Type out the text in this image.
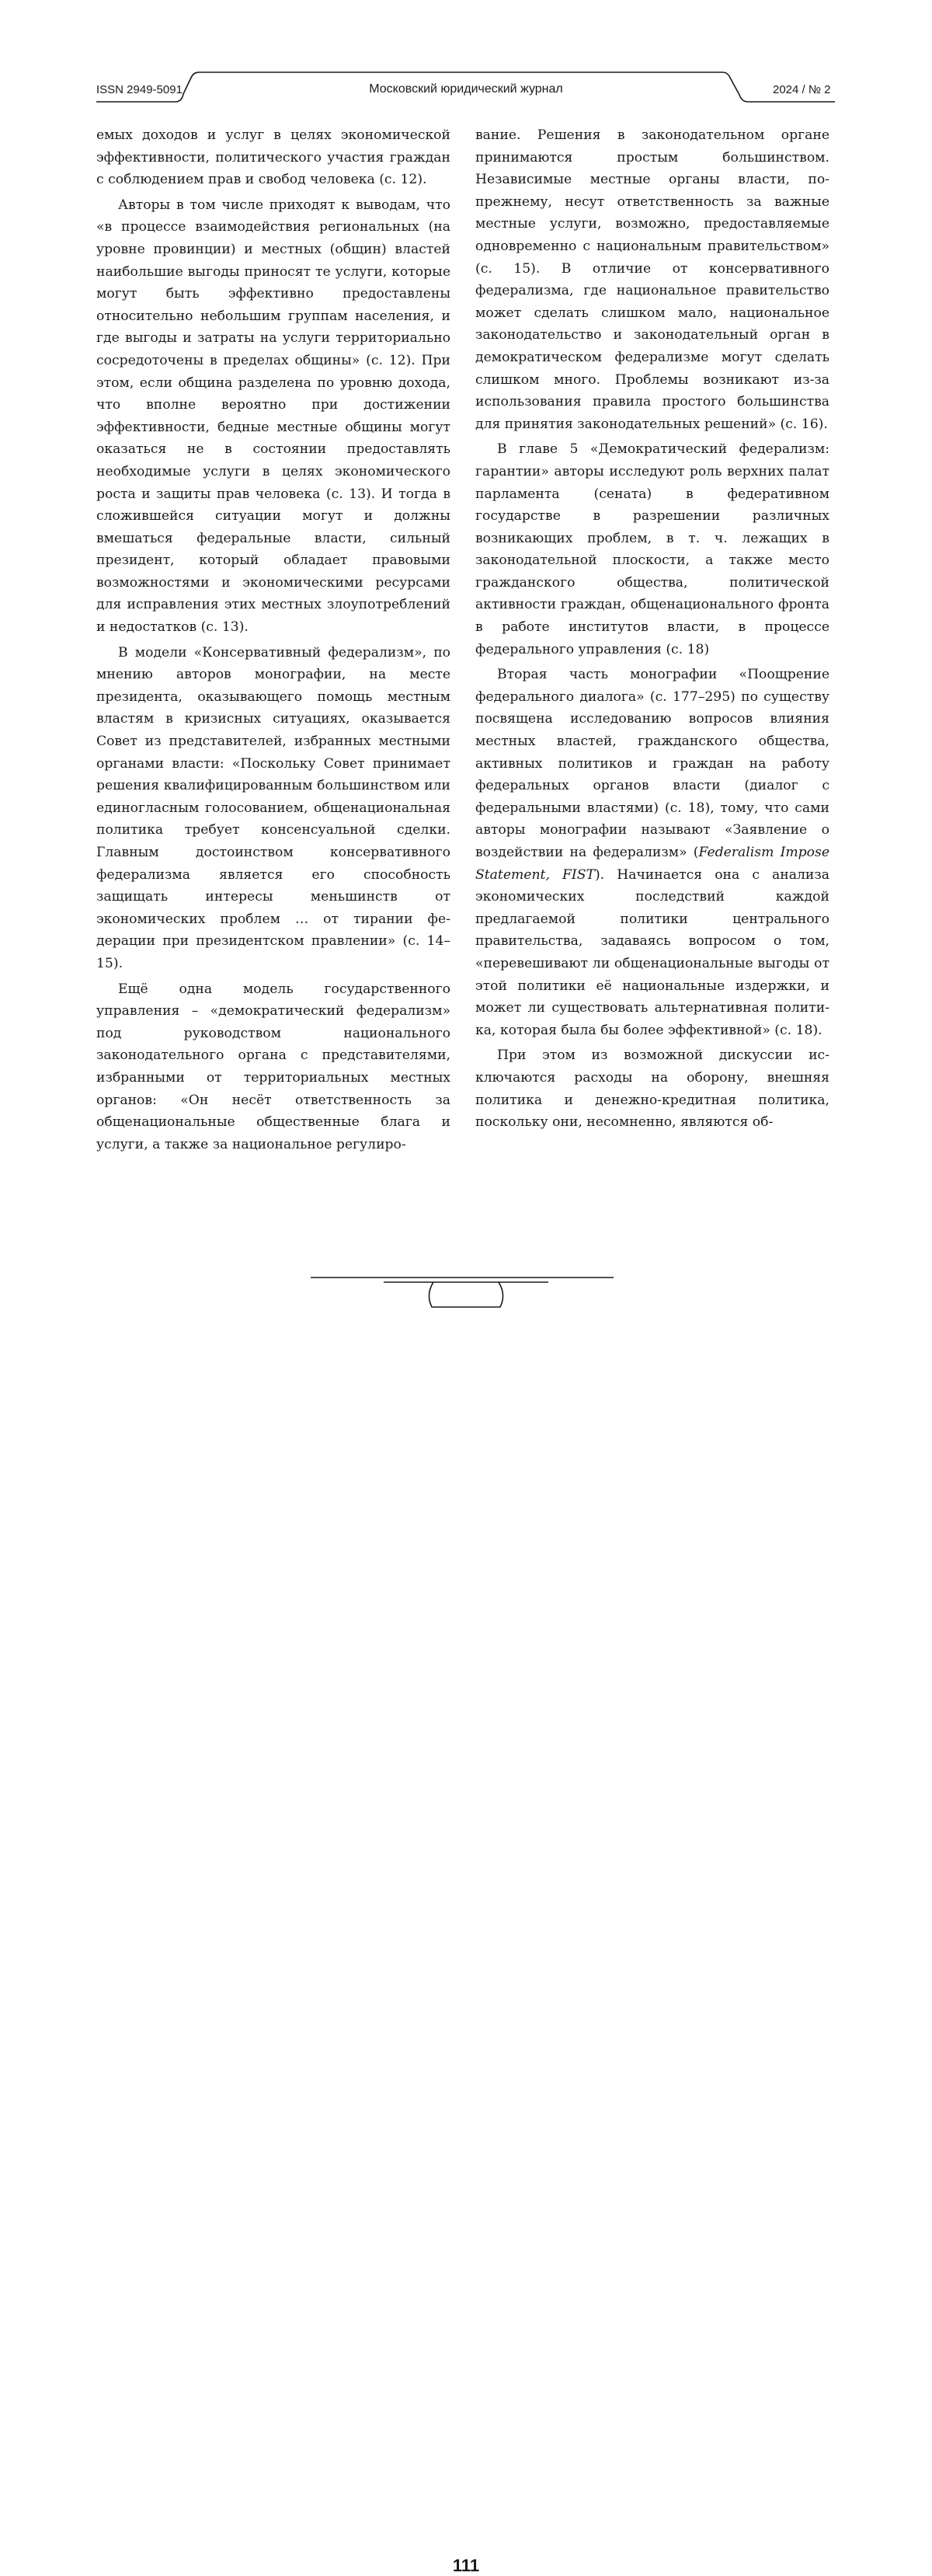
ISSN 2949-5091	Московский юридический журнал	2024 / № 2

емых доходов и услуг в целях экономической эффективности, политического участия граждан с соблюдением прав и свобод человека (с. 12).

Авторы в том числе приходят к выводам, что «в процессе взаимодействия региональных (на уровне провинции) и местных (общин) властей наибольшие выгоды приносят те услуги, которые могут быть эффективно предоставлены относительно небольшим группам населения, и где выгоды и затраты на услуги территориально сосредоточены в пределах общины» (с. 12). При этом, если община разделена по уровню дохода, что вполне вероятно при достижении эффективности, бедные местные общины могут оказаться не в состоянии предоставлять необходимые услуги в целях экономического роста и защиты прав человека (с. 13). И тогда в сложившейся ситуации могут и должны вмешаться федеральные власти, сильный президент, который обладает правовыми возможностями и экономическими ресурсами для исправления этих местных злоупотреблений и недостатков (с. 13).

В модели «Консервативный федерализм», по мнению авторов монографии, на месте президента, оказывающего помощь местным властям в кризисных ситуациях, оказывается Совет из представителей, избранных местными органами власти: «Поскольку Совет принимает решения квалифицированным большинством или единогласным голосованием, общенациональная политика требует консенсуальной сделки. Главным достоинством консервативного федерализма является его способность защищать интересы меньшинств от экономических проблем … от тирании федерации при президентском правлении» (с. 14–15).

Ещё одна модель государственного управления – «демократический федерализм» под руководством национального законодательного органа с представителями, избранными от территориальных местных органов: «Он несёт ответственность за общенациональные общественные блага и услуги, а также за национальное регулиро-

вание. Решения в законодательном органе принимаются простым большинством. Независимые местные органы власти, по-прежнему, несут ответственность за важные местные услуги, возможно, предоставляемые одновременно с национальным правительством» (с. 15). В отличие от консервативного федерализма, где национальное правительство может сделать слишком мало, национальное законодательство и законодательный орган в демократическом федерализме могут сделать слишком много. Проблемы возникают из-за использования правила простого большинства для принятия законодательных решений» (с. 16).

В главе 5 «Демократический федерализм: гарантии» авторы исследуют роль верхних палат парламента (сената) в федеративном государстве в разрешении различных возникающих проблем, в т. ч. лежащих в законодательной плоскости, а также место гражданского общества, политической активности граждан, общенационального фронта в работе институтов власти, в процессе федерального управления (с. 18)

Вторая часть монографии «Поощрение федерального диалога» (с. 177–295) по существу посвящена исследованию вопросов влияния местных властей, гражданского общества, активных политиков и граждан на работу федеральных органов власти (диалог с федеральными властями) (с. 18), тому, что сами авторы монографии называют «Заявление о воздействии на федерализм» (Federalism Impose Statement, FIST). Начинается она с анализа экономических последствий каждой предлагаемой политики центрального правительства, задаваясь вопросом о том, «перевешивают ли общенациональные выгоды от этой политики её национальные издержки, и может ли существовать альтернативная политика, которая была бы более эффективной» (с. 18).

При этом из возможной дискуссии исключаются расходы на оборону, внешняя политика и денежно-кредитная политика, поскольку они, несомненно, являются об-

111
